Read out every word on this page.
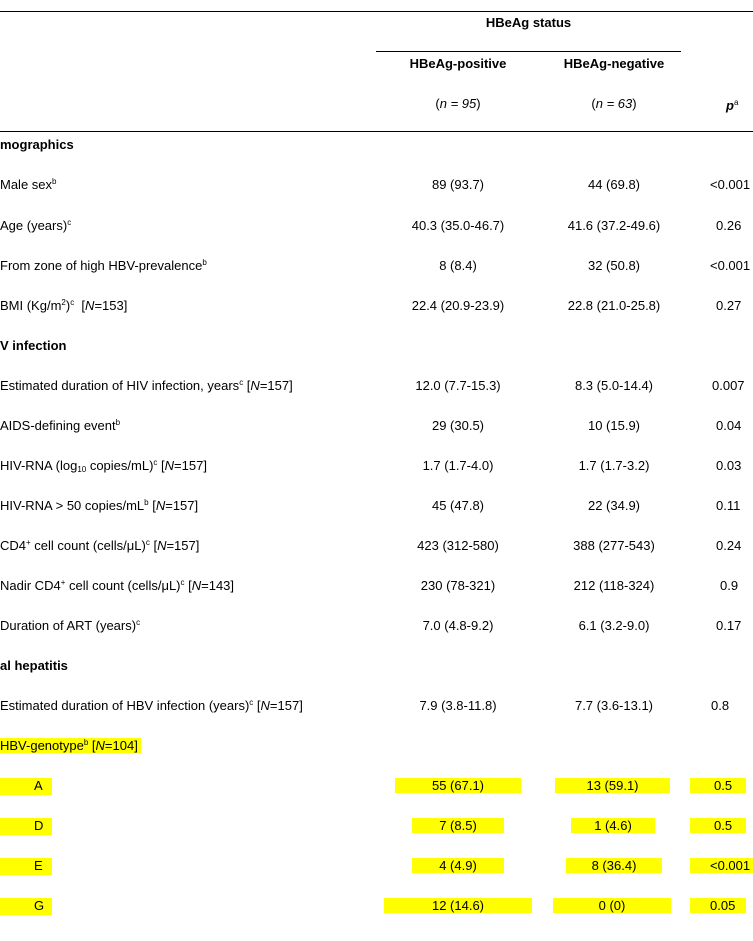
HBeAg status
HBeAg-positive	HBeAg-negative
(n = 95)	(n = 63)	$p^a$
mographics
Male sex$^b$	89 (93.7)	44 (69.8)	<0.001
Age (years)$^c$	40.3 (35.0-46.7)	41.6 (37.2-49.6)	0.26
From zone of high HBV-prevalence$^b$	8 (8.4)	32 (50.8)	<0.001
BMI $(Kg/m^2)^c$  [N=153]	22.4 (20.9-23.9)	22.8 (21.0-25.8)	0.27
V infection
Estimated duration of HIV infection, years$^c$ [N=157]	12.0 (7.7-15.3)	8.3 (5.0-14.4)	0.007
AIDS-defining event$^b$	29 (30.5)	10 (15.9)	0.04
HIV-RNA ($\log_{10}$ copies/mL)$^c$ [N=157]	1.7 (1.7-4.0)	1.7 (1.7-3.2)	0.03
HIV-RNA > 50 copies/$mL^b$ [N=157]	45 (47.8)	22 (34.9)	0.11
CD4+ cell count (cells/μL)$^c$ [N=157]	423 (312-580)	388 (277-543)	0.24
Nadir CD4+ cell count (cells/μL)$^c$ [N=143]	230 (78-321)	212 (118-324)	0.9
Duration of ART (years)$^c$	7.0 (4.8-9.2)	6.1 (3.2-9.0)	0.17
al hepatitis
Estimated duration of HBV infection (years)$^c$ [N=157]	7.9 (3.8-11.8)	7.7 (3.6-13.1)	0.8
HBV-genotype$^b$ [N=104]
A	55 (67.1)	13 (59.1)	0.5
D	7 (8.5)	1 (4.6)	0.5
E	4 (4.9)	8 (36.4)	<0.001
G	12 (14.6)	0 (0)	0.05
